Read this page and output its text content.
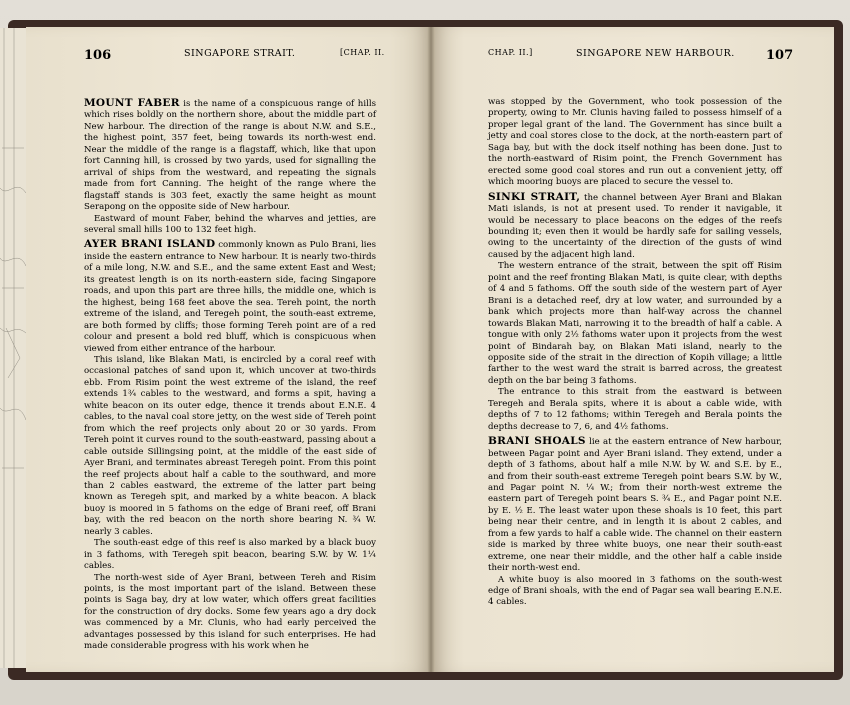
106	SINGAPORE STRAIT.	[CHAP. II.

MOUNT FABER is the name of a conspicuous range of hills which rises boldly on the northern shore, about the middle part of New harbour. The direction of the range is about N.W. and S.E., the highest point, 357 feet, being towards its north-west end. Near the middle of the range is a flagstaff, which, like that upon fort Canning hill, is crossed by two yards, used for signalling the arrival of ships from the westward, and repeating the signals made from fort Canning. The height of the range where the flagstaff stands is 303 feet, exactly the same height as mount Serapong on the opposite side of New harbour.

Eastward of mount Faber, behind the wharves and jetties, are several small hills 100 to 132 feet high.

AYER BRANI ISLAND commonly known as Pulo Brani, lies inside the eastern entrance to New harbour. It is nearly two-thirds of a mile long, N.W. and S.E., and the same extent East and West; its greatest length is on its north-eastern side, facing Singapore roads, and upon this part are three hills, the middle one, which is the highest, being 168 feet above the sea. Tereh point, the north extreme of the island, and Teregeh point, the south-east extreme, are both formed by cliffs; those forming Tereh point are of a red colour and present a bold red bluff, which is conspicuous when viewed from either entrance of the harbour.

This island, like Blakan Mati, is encircled by a coral reef with occasional patches of sand upon it, which uncover at two-thirds ebb. From Risim point the west extreme of the island, the reef extends 1¾ cables to the westward, and forms a spit, having a white beacon on its outer edge, thence it trends about E.N.E. 4 cables, to the naval coal store jetty, on the west side of Tereh point from which the reef projects only about 20 or 30 yards. From Tereh point it curves round to the south-eastward, passing about a cable outside Sillingsing point, at the middle of the east side of Ayer Brani, and terminates abreast Teregeh point. From this point the reef projects about half a cable to the southward, and more than 2 cables eastward, the extreme of the latter part being known as Teregeh spit, and marked by a white beacon. A black buoy is moored in 5 fathoms on the edge of Brani reef, off Brani bay, with the red beacon on the north shore bearing N. ¾ W. nearly 3 cables.

The south-east edge of this reef is also marked by a black buoy in 3 fathoms, with Teregeh spit beacon, bearing S.W. by W. 1¼ cables.

The north-west side of Ayer Brani, between Tereh and Risim points, is the most important part of the island. Between these points is Saga bay, dry at low water, which offers great facilities for the construction of dry docks. Some few years ago a dry dock was commenced by a Mr. Clunis, who had early perceived the advantages possessed by this island for such enterprises. He had made considerable progress with his work when he

CHAP. II.]	SINGAPORE NEW HARBOUR. 107

was stopped by the Government, who took possession of the property, owing to Mr. Clunis having failed to possess himself of a proper legal grant of the land. The Government has since built a jetty and coal stores close to the dock, at the north-eastern part of Saga bay, but with the dock itself nothing has been done. Just to the north-eastward of Risim point, the French Government has erected some good coal stores and run out a convenient jetty, off which mooring buoys are placed to secure the vessel to.

SINKI STRAIT, the channel between Ayer Brani and Blakan Mati islands, is not at present used. To render it navigable, it would be necessary to place beacons on the edges of the reefs bounding it; even then it would be hardly safe for sailing vessels, owing to the uncertainty of the direction of the gusts of wind caused by the adjacent high land.

The western entrance of the strait, between the spit off Risim point and the reef fronting Blakan Mati, is quite clear, with depths of 4 and 5 fathoms. Off the south side of the western part of Ayer Brani is a detached reef, dry at low water, and surrounded by a bank which projects more than half-way across the channel towards Blakan Mati, narrowing it to the breadth of half a cable. A tongue with only 2½ fathoms water upon it projects from the west point of Bindarah bay, on Blakan Mati island, nearly to the opposite side of the strait in the direction of Kopih village; a little farther to the west ward the strait is barred across, the greatest depth on the bar being 3 fathoms.

The entrance to this strait from the eastward is between Teregeh and Berala spits, where it is about a cable wide, with depths of 7 to 12 fathoms; within Teregeh and Berala points the depths decrease to 7, 6, and 4½ fathoms.

BRANI SHOALS lie at the eastern entrance of New harbour, between Pagar point and Ayer Brani island. They extend, under a depth of 3 fathoms, about half a mile N.W. by W. and S.E. by E., and from their south-east extreme Teregeh point bears S.W. by W., and Pagar point N. ¼ W.; from their north-west extreme the eastern part of Teregeh point bears S. ¾ E., and Pagar point N.E. by E. ½ E. The least water upon these shoals is 10 feet, this part being near their centre, and in length it is about 2 cables, and from a few yards to half a cable wide. The channel on their eastern side is marked by three white buoys, one near their south-east extreme, one near their middle, and the other half a cable inside their north-west end.

A white buoy is also moored in 3 fathoms on the south-west edge of Brani shoals, with the end of Pagar sea wall bearing E.N.E. 4 cables.
